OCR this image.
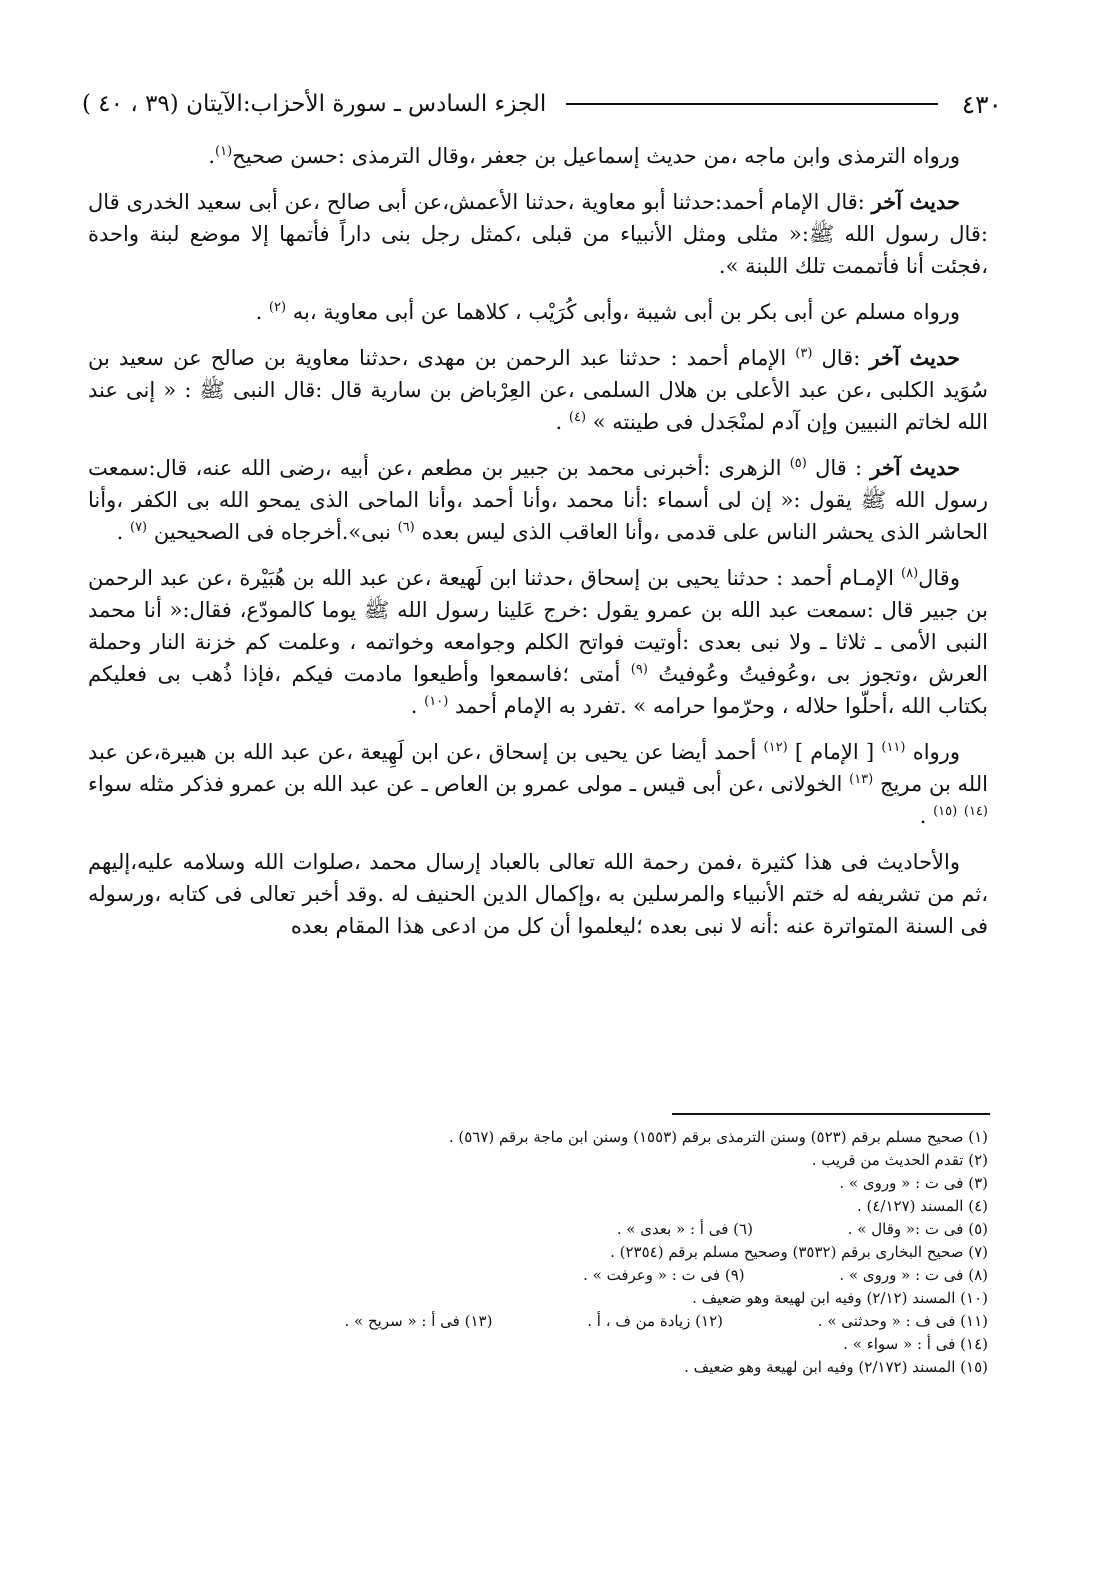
٤٣٠
الجزء السادس ـ سورة الأحزاب:الآيتان (٣٩ ، ٤٠ )

ورواه الترمذى وابن ماجه ،من حديث إسماعيل بن جعفر ،وقال الترمذى :حسن صحيح$^{(١)}$.

حديث آخر :قال الإمام أحمد:حدثنا أبو معاوية ،حدثنا الأعمش،عن أبى صالح ،عن أبى سعيد الخدرى قال :قال رسول الله ﷺ:« مثلى ومثل الأنبياء من قبلى ،كمثل رجل بنى داراً فأتمها إلا موضع لبنة واحدة ،فجئت أنا فأتممت تلك اللبنة ».

ورواه مسلم عن أبى بكر بن أبى شيبة ،وأبى كُرَيْب ، كلاهما عن أبى معاوية ،به $^{(٢)}$ .

حديث آخر :قال $^{(٣)}$ الإمام أحمد : حدثنا عبد الرحمن بن مهدى ،حدثنا معاوية بن صالح عن سعيد بن سُوَيد الكلبى ،عن عبد الأعلى بن هلال السلمى ،عن العِرْباض بن سارية قال :قال النبى ﷺ : « إنى عند الله لخاتم النبيين وإن آدم لمنْجَدل فى طينته » $^{(٤)}$ .

حديث آخر : قال $^{(٥)}$ الزهرى :أخبرنى محمد بن جبير بن مطعم ،عن أبيه ،رضى الله عنه، قال:سمعت رسول الله ﷺ يقول :« إن لى أسماء :أنا محمد ،وأنا أحمد ،وأنا الماحى الذى يمحو الله بى الكفر ،وأنا الحاشر الذى يحشر الناس على قدمى ،وأنا العاقب الذى ليس بعده $^{(٦)}$ نبى».أخرجاه فى الصحيحين $^{(٧)}$ .

وقال$^{(٨)}$ الإمـام أحمد : حدثنا يحيى بن إسحاق ،حدثنا ابن لَهيعة ،عن عبد الله بن هُبَيْرة ،عن عبد الرحمن بن جبير قال :سمعت عبد الله بن عمرو يقول :خرج عَلينا رسول الله ﷺ يوما كالمودّع، فقال:« أنا محمد النبى الأمى ـ ثلاثا ـ ولا نبى بعدى :أوتيت فواتح الكلم وجوامعه وخواتمه ، وعلمت كم خزنة النار وحملة العرش ،وتجوز بى ،وعُوفيتُ وعُوفيتُ $^{(٩)}$ أمتى ؛فاسمعوا وأطيعوا مادمت فيكم ،فإذا ذُهب بى فعليكم بكتاب الله ،أحلّوا حلاله ، وحرّموا حرامه » .تفرد به الإمام أحمد $^{(١٠)}$ .

ورواه $^{(١١)}$ [ الإمام ] $^{(١٢)}$ أحمد أيضا عن يحيى بن إسحاق ،عن ابن لَهِيعة ،عن عبد الله بن هبيرة،عن عبد الله بن مريج $^{(١٣)}$ الخولانى ،عن أبى قيس ـ مولى عمرو بن العاص ـ عن عبد الله بن عمرو فذكر مثله سواء $^{(١٤)}$ $^{(١٥)}$ .

والأحاديث فى هذا كثيرة ،فمن رحمة الله تعالى بالعباد إرسال محمد ،صلوات الله وسلامه عليه،إليهم ،ثم من تشريفه له ختم الأنبياء والمرسلين به ،وإكمال الدين الحنيف له .وقد أخبر تعالى فى كتابه ،ورسوله فى السنة المتواترة عنه :أنه لا نبى بعده ؛ليعلموا أن كل من ادعى هذا المقام بعده

(١) صحيح مسلم برقم (٥٢٣) وسنن الترمذى برقم (١٥٥٣) وسنن ابن ماجة برقم (٥٦٧) .
(٢) تقدم الحديث من قريب .
(٣) فى ت : « وروى » .
(٤) المسند (٤/١٢٧) .
(٥) فى ت :« وقال » . (٦) فى أ : « بعدى » .
(٧) صحيح البخارى برقم (٣٥٣٢) وصحيح مسلم برقم (٢٣٥٤) .
(٨) فى ت : « وروى » . (٩) فى ت : « وعرفت » .
(١٠) المسند (٢/١٢) وفيه ابن لهيعة وهو ضعيف .
(١١) فى ف : « وحدثنى » . (١٢) زيادة من ف ، أ . (١٣) فى أ : « سريح » .
(١٤) فى أ : « سواء » .
(١٥) المسند (٢/١٧٢) وفيه ابن لهيعة وهو ضعيف .
